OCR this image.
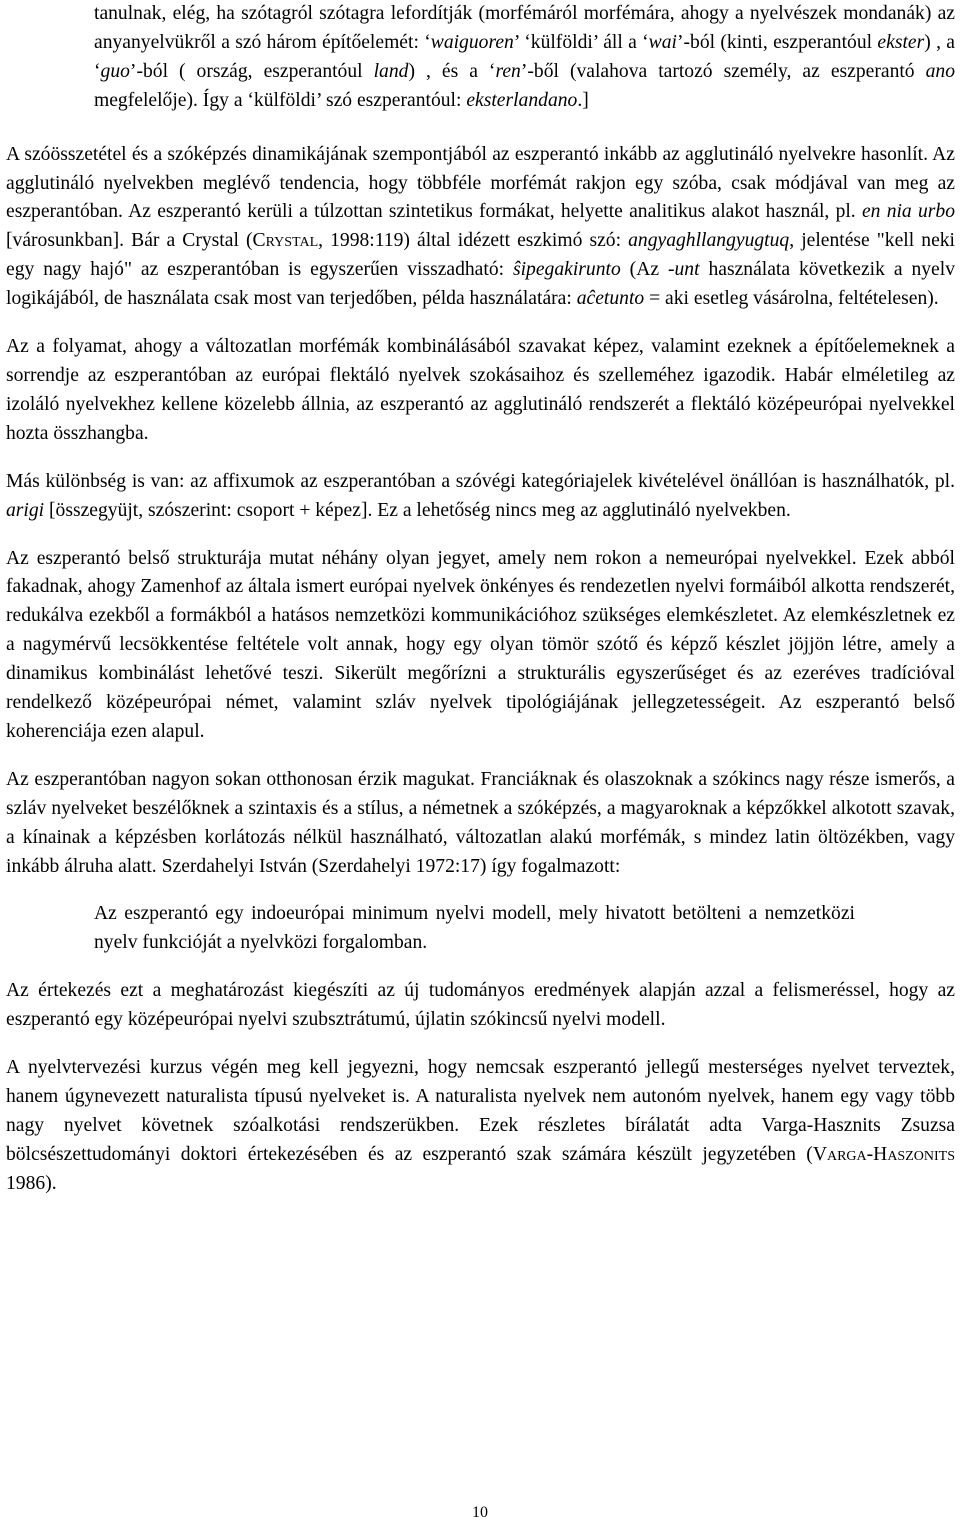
tanulnak, elég, ha szótagról szótagra lefordítják (morfémáról morfémára, ahogy a nyelvészek mondanák) az anyanyelvükről a szó három építőelemét: ‘waiguoren’ ‘külföldi’ áll a ‘wai’-ból (kinti, eszperantóul ekster) , a ‘guo’-ból ( ország, eszperantóul land) , és a ‘ren’-ből (valahova tartozó személy, az eszperantó ano megfelelője). Így a ‘külföldi’ szó eszperantóul: eksterlandano.]

A szóösszetétel és a szóképzés dinamikájának szempontjából az eszperantó inkább az agglutináló nyelvekre hasonlít. Az agglutináló nyelvekben meglévő tendencia, hogy többféle morfémát rakjon egy szóba, csak módjával van meg az eszperantóban. Az eszperantó kerüli a túlzottan szintetikus formákat, helyette analitikus alakot használ, pl. en nia urbo [városunkban]. Bár a Crystal (Crystal, 1998:119) által idézett eszkimó szó: angyaghllangyugtuq, jelentése "kell neki egy nagy hajó" az eszperantóban is egyszerűen visszadható: ŝipegakirunto (Az -unt használata következik a nyelv logikájából, de használata csak most van terjedőben, példa használatára: aĉetunto = aki esetleg vásárolna, feltételesen).

Az a folyamat, ahogy a változatlan morfémák kombinálásából szavakat képez, valamint ezeknek a építőelemeknek a sorrendje az eszperantóban az európai flektáló nyelvek szokásaihoz és szelleméhez igazodik. Habár elméletileg az izoláló nyelvekhez kellene közelebb állnia, az eszperantó az agglutináló rendszerét a flektáló középeurópai nyelvekkel hozta összhangba.

Más különbség is van: az affixumok az eszperantóban a szóvégi kategóriajelek kivételével önállóan is használhatók, pl. arigi [összegyüjt, szószerint: csoport + képez]. Ez a lehetőség nincs meg az agglutináló nyelvekben.

Az eszperantó belső strukturája mutat néhány olyan jegyet, amely nem rokon a nemeurópai nyelvekkel. Ezek abból fakadnak, ahogy Zamenhof az általa ismert európai nyelvek önkényes és rendezetlen nyelvi formáiból alkotta rendszerét, redukálva ezekből a formákból a hatásos nemzetközi kommunikációhoz szükséges elemkészletet. Az elemkészletnek ez a nagymérvű lecsökkentése feltétele volt annak, hogy egy olyan tömör szótő és képző készlet jöjjön létre, amely a dinamikus kombinálást lehetővé teszi. Sikerült megőrízni a strukturális egyszerűséget és az ezeréves tradícióval rendelkező középeurópai német, valamint szláv nyelvek tipológiájának jellegzetességeit. Az eszperantó belső koherenciája ezen alapul.

Az eszperantóban nagyon sokan otthonosan érzik magukat. Franciáknak és olaszoknak a szókincs nagy része ismerős, a szláv nyelveket beszélőknek a szintaxis és a stílus, a németnek a szóképzés, a magyaroknak a képzőkkel alkotott szavak, a kínainak a képzésben korlátozás nélkül használható, változatlan alakú morfémák, s mindez latin öltözékben, vagy inkább álruha alatt. Szerdahelyi István (Szerdahelyi 1972:17) így fogalmazott:

Az eszperantó egy indoeurópai minimum nyelvi modell, mely hivatott betölteni a nemzetközi nyelv funkcióját a nyelvközi forgalomban.

Az értekezés ezt a meghatározást kiegészíti az új tudományos eredmények alapján azzal a felismeréssel, hogy az eszperantó egy középeurópai nyelvi szubsztrátumú, újlatin szókincsű nyelvi modell.

A nyelvtervezési kurzus végén meg kell jegyezni, hogy nemcsak eszperantó jellegű mesterséges nyelvet terveztek, hanem úgynevezett naturalista típusú nyelveket is. A naturalista nyelvek nem autonóm nyelvek, hanem egy vagy több nagy nyelvet követnek szóalkotási rendszerükben. Ezek részletes bírálatát adta Varga-Hasznits Zsuzsa bölcsészettudományi doktori értekezésében és az eszperantó szak számára készült jegyzetében (Varga-Haszonits 1986).

10
